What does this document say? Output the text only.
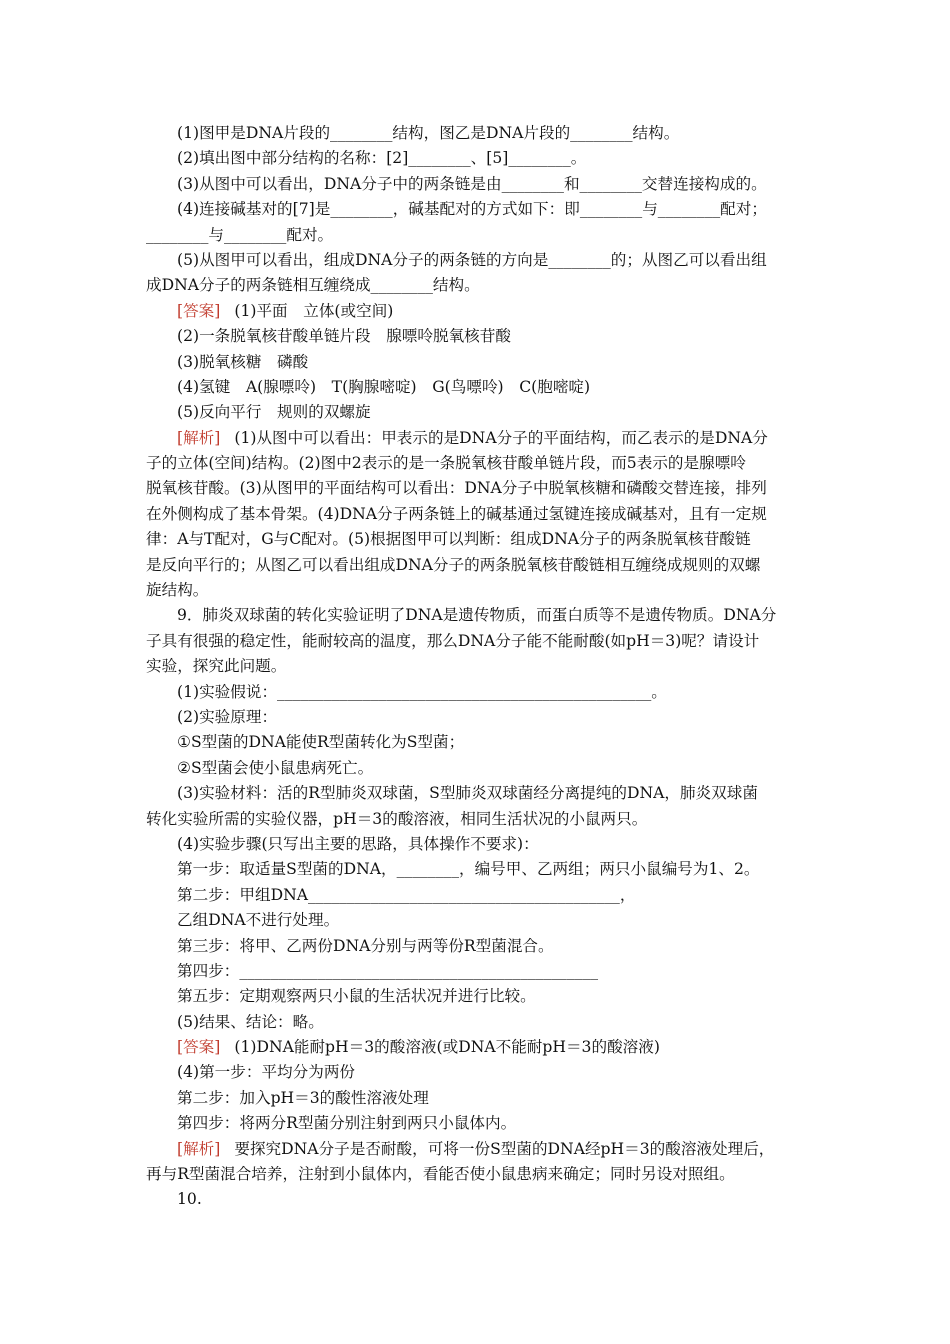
(1)图甲是DNA片段的________结构，图乙是DNA片段的________结构。
(2)填出图中部分结构的名称：[2]________、[5]________。
(3)从图中可以看出，DNA分子中的两条链是由________和________交替连接构成的。
(4)连接碱基对的[7]是________，碱基配对的方式如下：即________与________配对；
________与________配对。
(5)从图甲可以看出，组成DNA分子的两条链的方向是________的；从图乙可以看出组
成DNA分子的两条链相互缠绕成________结构。
[答案] (1)平面　立体(或空间)
(2)一条脱氧核苷酸单链片段　腺嘌呤脱氧核苷酸
(3)脱氧核糖　磷酸
(4)氢键　A(腺嘌呤)　T(胸腺嘧啶)　G(鸟嘌呤)　C(胞嘧啶)
(5)反向平行　规则的双螺旋
[解析] (1)从图中可以看出：甲表示的是DNA分子的平面结构，而乙表示的是DNA分
子的立体(空间)结构。(2)图中2表示的是一条脱氧核苷酸单链片段，而5表示的是腺嘌呤
脱氧核苷酸。(3)从图甲的平面结构可以看出：DNA分子中脱氧核糖和磷酸交替连接，排列
在外侧构成了基本骨架。(4)DNA分子两条链上的碱基通过氢键连接成碱基对，且有一定规
律：A与T配对，G与C配对。(5)根据图甲可以判断：组成DNA分子的两条脱氧核苷酸链
是反向平行的；从图乙可以看出组成DNA分子的两条脱氧核苷酸链相互缠绕成规则的双螺
旋结构。
9．肺炎双球菌的转化实验证明了DNA是遗传物质，而蛋白质等不是遗传物质。DNA分
子具有很强的稳定性，能耐较高的温度，那么DNA分子能不能耐酸(如pH＝3)呢？请设计
实验，探究此问题。
(1)实验假说：________________________________________________。
(2)实验原理：
①S型菌的DNA能使R型菌转化为S型菌；
②S型菌会使小鼠患病死亡。
(3)实验材料：活的R型肺炎双球菌，S型肺炎双球菌经分离提纯的DNA，肺炎双球菌
转化实验所需的实验仪器，pH＝3的酸溶液，相同生活状况的小鼠两只。
(4)实验步骤(只写出主要的思路，具体操作不要求)：
第一步：取适量S型菌的DNA，________，编号甲、乙两组；两只小鼠编号为1、2。
第二步：甲组DNA________________________________________，
乙组DNA不进行处理。
第三步：将甲、乙两份DNA分别与两等份R型菌混合。
第四步：______________________________________________
第五步：定期观察两只小鼠的生活状况并进行比较。
(5)结果、结论：略。
[答案] (1)DNA能耐pH＝3的酸溶液(或DNA不能耐pH＝3的酸溶液)
(4)第一步：平均分为两份
第二步：加入pH＝3的酸性溶液处理
第四步：将两分R型菌分别注射到两只小鼠体内。
[解析] 要探究DNA分子是否耐酸，可将一份S型菌的DNA经pH＝3的酸溶液处理后，
再与R型菌混合培养，注射到小鼠体内，看能否使小鼠患病来确定；同时另设对照组。
10.
